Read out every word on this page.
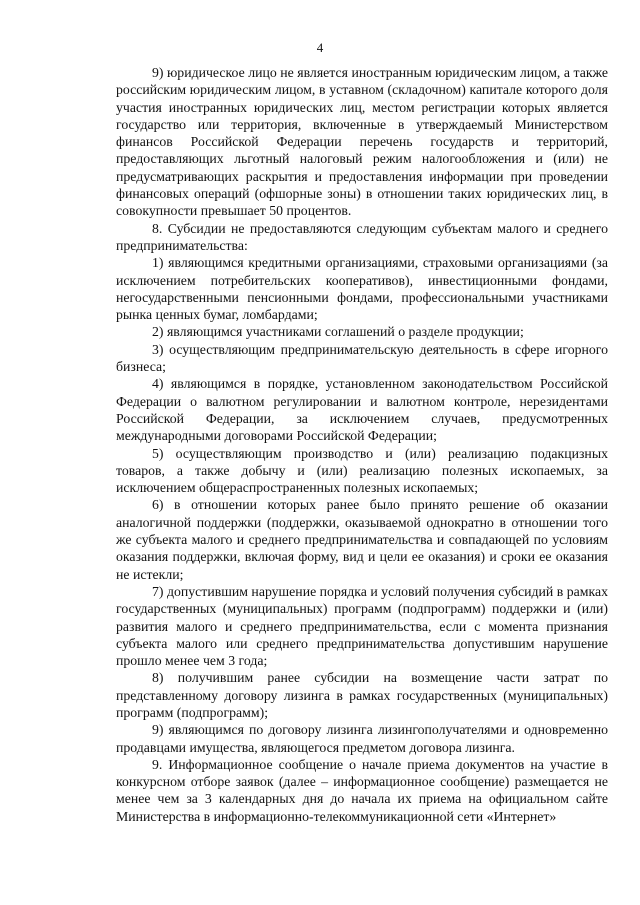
4

9) юридическое лицо не является иностранным юридическим лицом, а также российским юридическим лицом, в уставном (складочном) капитале которого доля участия иностранных юридических лиц, местом регистрации которых является государство или территория, включенные в утверждаемый Министерством финансов Российской Федерации перечень государств и территорий, предоставляющих льготный налоговый режим налогообложения и (или) не предусматривающих раскрытия и предоставления информации при проведении финансовых операций (офшорные зоны) в отношении таких юридических лиц, в совокупности превышает 50 процентов.

8. Субсидии не предоставляются следующим субъектам малого и среднего предпринимательства:

1) являющимся кредитными организациями, страховыми организациями (за исключением потребительских кооперативов), инвестиционными фондами, негосударственными пенсионными фондами, профессиональными участниками рынка ценных бумаг, ломбардами;

2) являющимся участниками соглашений о разделе продукции;

3) осуществляющим предпринимательскую деятельность в сфере игорного бизнеса;

4) являющимся в порядке, установленном законодательством Российской Федерации о валютном регулировании и валютном контроле, нерезидентами Российской Федерации, за исключением случаев, предусмотренных международными договорами Российской Федерации;

5) осуществляющим производство и (или) реализацию подакцизных товаров, а также добычу и (или) реализацию полезных ископаемых, за исключением общераспространенных полезных ископаемых;

6) в отношении которых ранее было принято решение об оказании аналогичной поддержки (поддержки, оказываемой однократно в отношении того же субъекта малого и среднего предпринимательства и совпадающей по условиям оказания поддержки, включая форму, вид и цели ее оказания) и сроки ее оказания не истекли;

7) допустившим нарушение порядка и условий получения субсидий в рамках государственных (муниципальных) программ (подпрограмм) поддержки и (или) развития малого и среднего предпринимательства, если с момента признания субъекта малого или среднего предпринимательства допустившим нарушение прошло менее чем 3 года;

8) получившим ранее субсидии на возмещение части затрат по представленному договору лизинга в рамках государственных (муниципальных) программ (подпрограмм);

9) являющимся по договору лизинга лизингополучателями и одновременно продавцами имущества, являющегося предметом договора лизинга.

9. Информационное сообщение о начале приема документов на участие в конкурсном отборе заявок (далее – информационное сообщение) размещается не менее чем за 3 календарных дня до начала их приема на официальном сайте Министерства в информационно-телекоммуникационной сети «Интернет»
